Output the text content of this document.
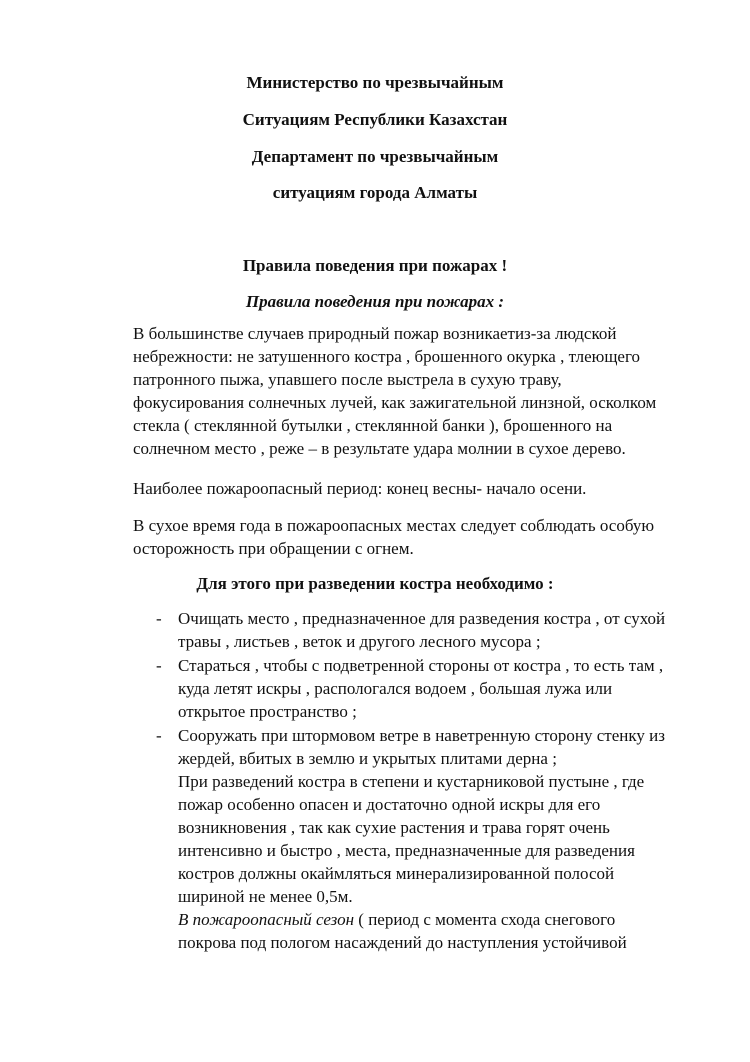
Министерство по чрезвычайным
Ситуациям Республики Казахстан
Департамент по чрезвычайным
ситуациям города Алматы
Правила поведения при пожарах !
Правила поведения при пожарах :
В большинстве случаев природный пожар возникаетиз-за людской
небрежности: не затушенного костра , брошенного окурка , тлеющего
патронного пыжа, упавшего после выстрела в сухую траву,
фокусирования солнечных лучей, как зажигательной линзной, осколком
стекла ( стеклянной бутылки , стеклянной банки ), брошенного на
солнечном место , реже – в результате удара молнии в сухое дерево.
Наиболее пожароопасный период: конец весны- начало осени.
В сухое время года в пожароопасных местах следует соблюдать особую
осторожность при обращении с огнем.
Для этого при разведении костра необходимо :
- Очищать место , предназначенное для разведения костра , от сухой
травы , листьев , веток и другого лесного мусора ;
- Стараться , чтобы с подветренной стороны от костра , то есть там ,
куда летят искры , распологался водоем , большая лужа или
открытое пространство ;
- Сооружать при штормовом ветре в наветренную сторону стенку из
жердей, вбитых в землю и укрытых плитами дерна ;
При разведений костра в степени и кустарниковой пустыне , где
пожар особенно опасен и достаточно одной искры для его
возникновения , так как сухие растения и трава горят очень
интенсивно и быстро , места, предназначенные для разведения
костров должны окаймляться минерализированной полосой
шириной не менее 0,5м.
В пожароопасный сезон ( период с момента схода снегового
покрова под пологом насаждений до наступления устойчивой
